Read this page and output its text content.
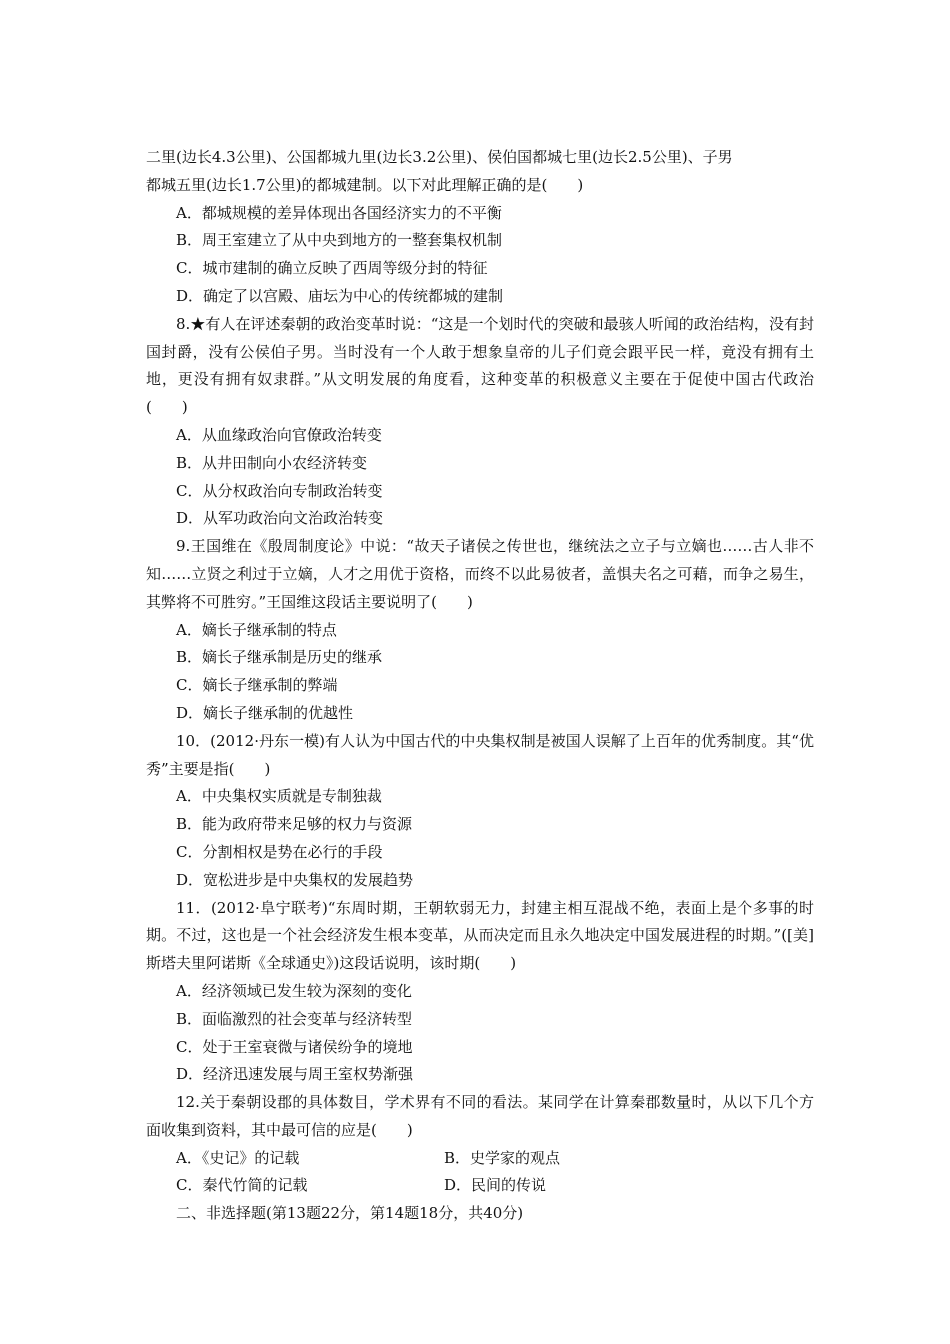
二里(边长4.3公里)、公国都城九里(边长3.2公里)、侯伯国都城七里(边长2.5公里)、子男

都城五里(边长1.7公里)的都城建制。以下对此理解正确的是(　　)

A．都城规模的差异体现出各国经济实力的不平衡

B．周王室建立了从中央到地方的一整套集权机制

C．城市建制的确立反映了西周等级分封的特征

D．确定了以宫殿、庙坛为中心的传统都城的建制

8.★有人在评述秦朝的政治变革时说：“这是一个划时代的突破和最骇人听闻的政治结构，没有封国封爵，没有公侯伯子男。当时没有一个人敢于想象皇帝的儿子们竟会跟平民一样，竟没有拥有土地，更没有拥有奴隶群。”从文明发展的角度看，这种变革的积极意义主要在于促使中国古代政治(　　)

A．从血缘政治向官僚政治转变

B．从井田制向小农经济转变

C．从分权政治向专制政治转变

D．从军功政治向文治政治转变

9.王国维在《殷周制度论》中说：“故天子诸侯之传世也，继统法之立子与立嫡也……古人非不知……立贤之利过于立嫡，人才之用优于资格，而终不以此易彼者，盖惧夫名之可藉，而争之易生，其弊将不可胜穷。”王国维这段话主要说明了(　　)

A．嫡长子继承制的特点

B．嫡长子继承制是历史的继承

C．嫡长子继承制的弊端

D．嫡长子继承制的优越性

10．(2012·丹东一模)有人认为中国古代的中央集权制是被国人误解了上百年的优秀制度。其“优秀”主要是指(　　)

A．中央集权实质就是专制独裁

B．能为政府带来足够的权力与资源

C．分割相权是势在必行的手段

D．宽松进步是中央集权的发展趋势

11．(2012·阜宁联考)“东周时期，王朝软弱无力，封建主相互混战不绝，表面上是个多事的时期。不过，这也是一个社会经济发生根本变革，从而决定而且永久地决定中国发展进程的时期。”([美]斯塔夫里阿诺斯《全球通史》)这段话说明，该时期(　　)

A．经济领域已发生较为深刻的变化

B．面临激烈的社会变革与经济转型

C．处于王室衰微与诸侯纷争的境地

D．经济迅速发展与周王室权势渐强

12.关于秦朝设郡的具体数目，学术界有不同的看法。某同学在计算秦郡数量时，从以下几个方面收集到资料，其中最可信的应是(　　)

A．《史记》的记载	B．史学家的观点
C．秦代竹简的记载	D．民间的传说

二、非选择题(第13题22分，第14题18分，共40分)
